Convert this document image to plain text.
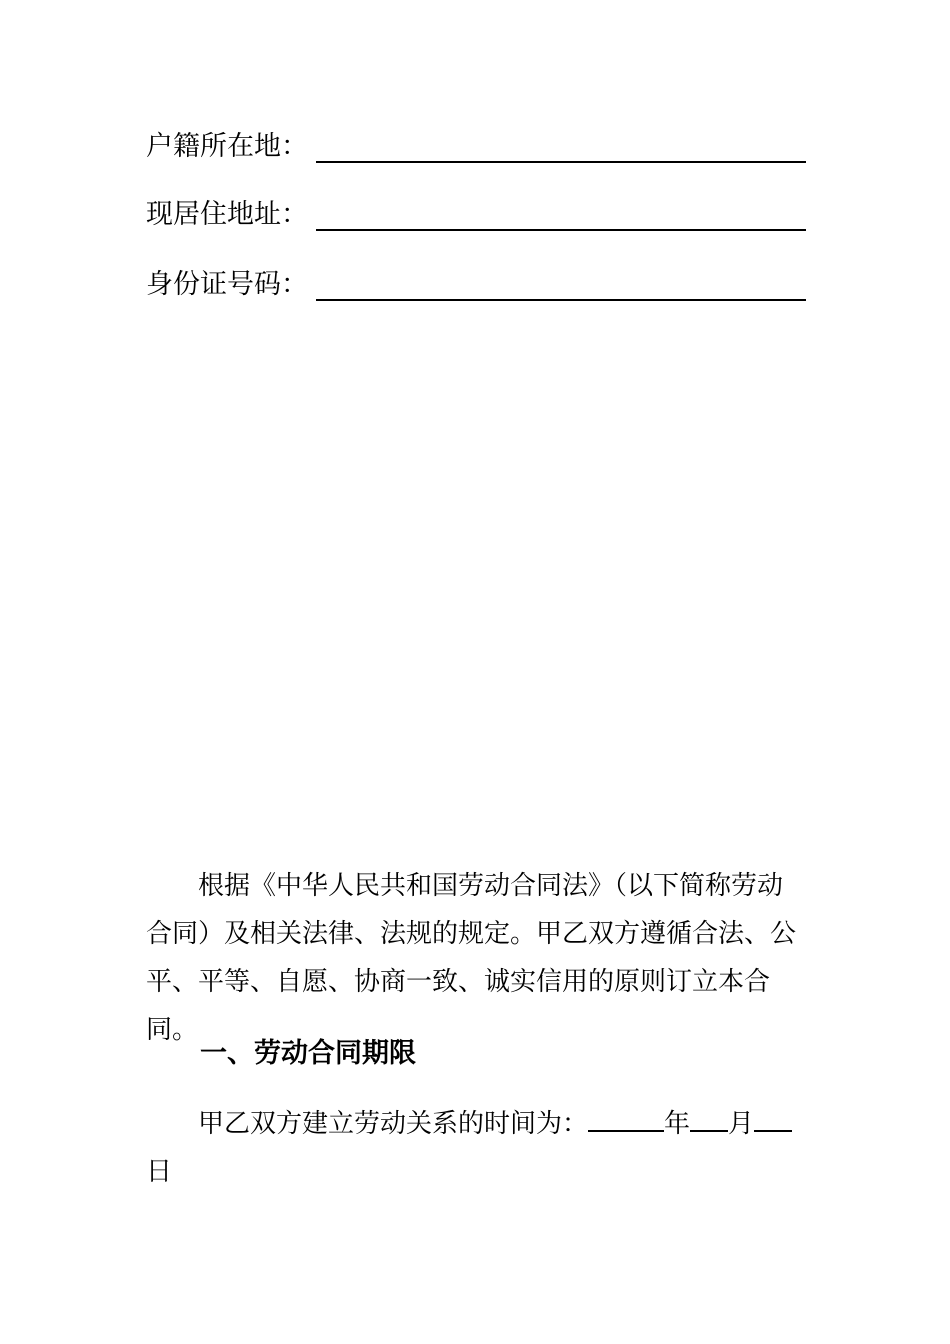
户籍所在地：
现居住地址：
身份证号码：

根据《中华人民共和国劳动合同法》（以下简称劳动合同）及相关法律、法规的规定。甲乙双方遵循合法、公平、平等、自愿、协商一致、诚实信用的原则订立本合同。

一、劳动合同期限

甲乙双方建立劳动关系的时间为：	年 月
日
